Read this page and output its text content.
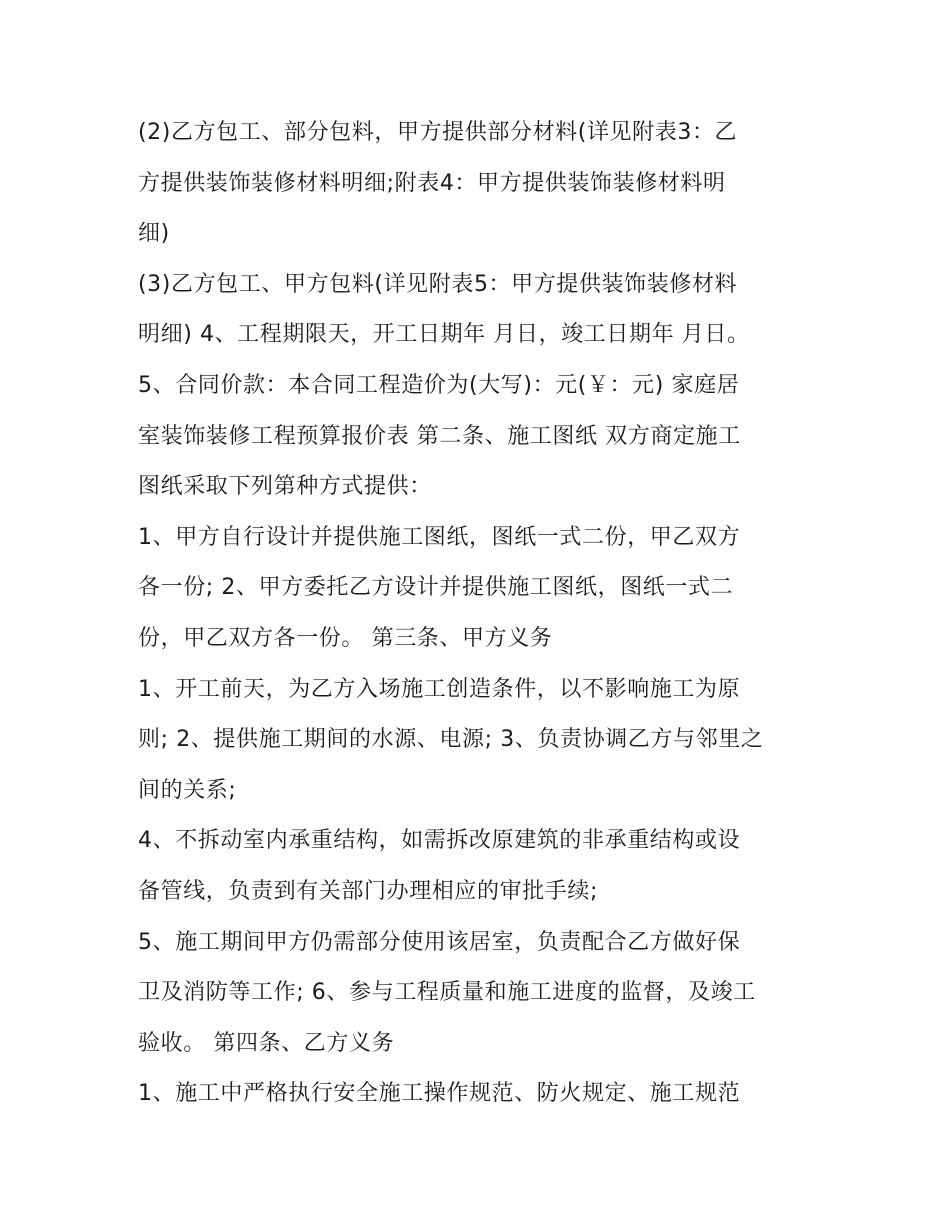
(2)乙方包工、部分包料，甲方提供部分材料(详见附表3：乙
方提供装饰装修材料明细;附表4：甲方提供装饰装修材料明
细)

(3)乙方包工、甲方包料(详见附表5：甲方提供装饰装修材料
明细) 4、工程期限天，开工日期年 月日，竣工日期年 月日。

5、合同价款：本合同工程造价为(大写)：元(￥：元) 家庭居
室装饰装修工程预算报价表 第二条、施工图纸 双方商定施工
图纸采取下列第种方式提供：

1、甲方自行设计并提供施工图纸，图纸一式二份，甲乙双方
各一份; 2、甲方委托乙方设计并提供施工图纸，图纸一式二
份，甲乙双方各一份。 第三条、甲方义务

1、开工前天，为乙方入场施工创造条件，以不影响施工为原
则; 2、提供施工期间的水源、电源; 3、负责协调乙方与邻里之
间的关系;

4、不拆动室内承重结构，如需拆改原建筑的非承重结构或设
备管线，负责到有关部门办理相应的审批手续;

5、施工期间甲方仍需部分使用该居室，负责配合乙方做好保
卫及消防等工作; 6、参与工程质量和施工进度的监督，及竣工
验收。 第四条、乙方义务

1、施工中严格执行安全施工操作规范、防火规定、施工规范
